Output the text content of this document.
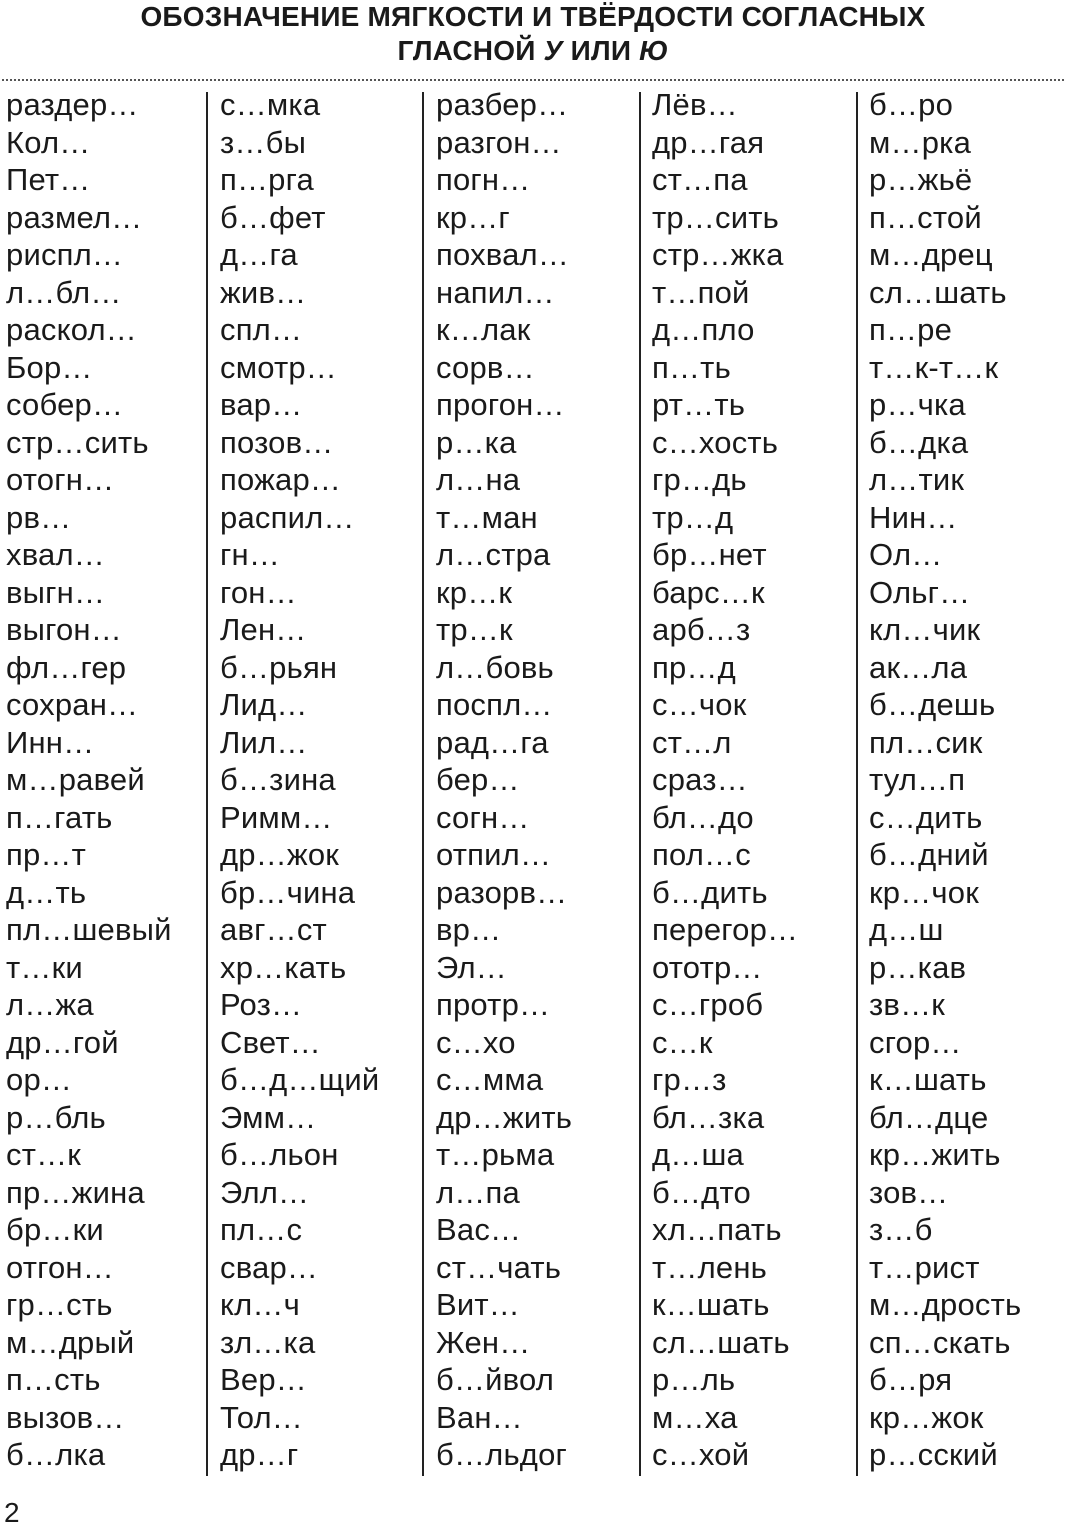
ОБОЗНАЧЕНИЕ МЯГКОСТИ И ТВЁРДОСТИ СОГЛАСНЫХ
ГЛАСНОЙ У ИЛИ Ю
раздер…
Кол…
Пет…
размел…
риспл…
л…бл…
раскол…
Бор…
собер…
стр…сить
отогн…
рв…
хвал…
выгн…
выгон…
фл…гер
сохран…
Инн…
м…равей
п…гать
пр…т
д…ть
пл…шевый
т…ки
л…жа
др…гой
ор…
р…бль
ст…к
пр…жина
бр…ки
отгон…
гр…сть
м…дрый
п…сть
вызов…
б…лка
с…мка
з…бы
п…рга
б…фет
д…га
жив…
спл…
смотр…
вар…
позов…
пожар…
распил…
гн…
гон…
Лен…
б…рьян
Лид…
Лил…
б…зина
Римм…
др…жок
бр…чина
авг…ст
хр…кать
Роз…
Свет…
б…д…щий
Эмм…
б…льон
Элл…
пл…с
свар…
кл…ч
зл…ка
Вер…
Тол…
др…г
разбер…
разгон…
погн…
кр…г
похвал…
напил…
к…лак
сорв…
прогон…
р…ка
л…на
т…ман
л…стра
кр…к
тр…к
л…бовь
поспл…
рад…га
бер…
согн…
отпил…
разорв…
вр…
Эл…
протр…
с…хо
с…мма
др…жить
т…рьма
л…па
Вас…
ст…чать
Вит…
Жен…
б…йвол
Ван…
б…льдог
Лёв…
др…гая
ст…па
тр…сить
стр…жка
т…пой
д…пло
п…ть
рт…ть
с…хость
гр…дь
тр…д
бр…нет
барс…к
арб…з
пр…д
с…чок
ст…л
сраз…
бл…до
пол…с
б…дить
перегор…
ототр…
с…гроб
с…к
гр…з
бл…зка
д…ша
б…дто
хл…пать
т…лень
к…шать
сл…шать
р…ль
м…ха
с…хой
б…ро
м…рка
р…жьё
п…стой
м…дрец
сл…шать
п…ре
т…к-т…к
р…чка
б…дка
л…тик
Нин…
Ол…
Ольг…
кл…чик
ак…ла
б…дешь
пл…сик
тул…п
с…дить
б…дний
кр…чок
д…ш
р…кав
зв…к
сгор…
к…шать
бл…дце
кр…жить
зов…
з…б
т…рист
м…дрость
сп…скать
б…ря
кр…жок
р…сский
2
